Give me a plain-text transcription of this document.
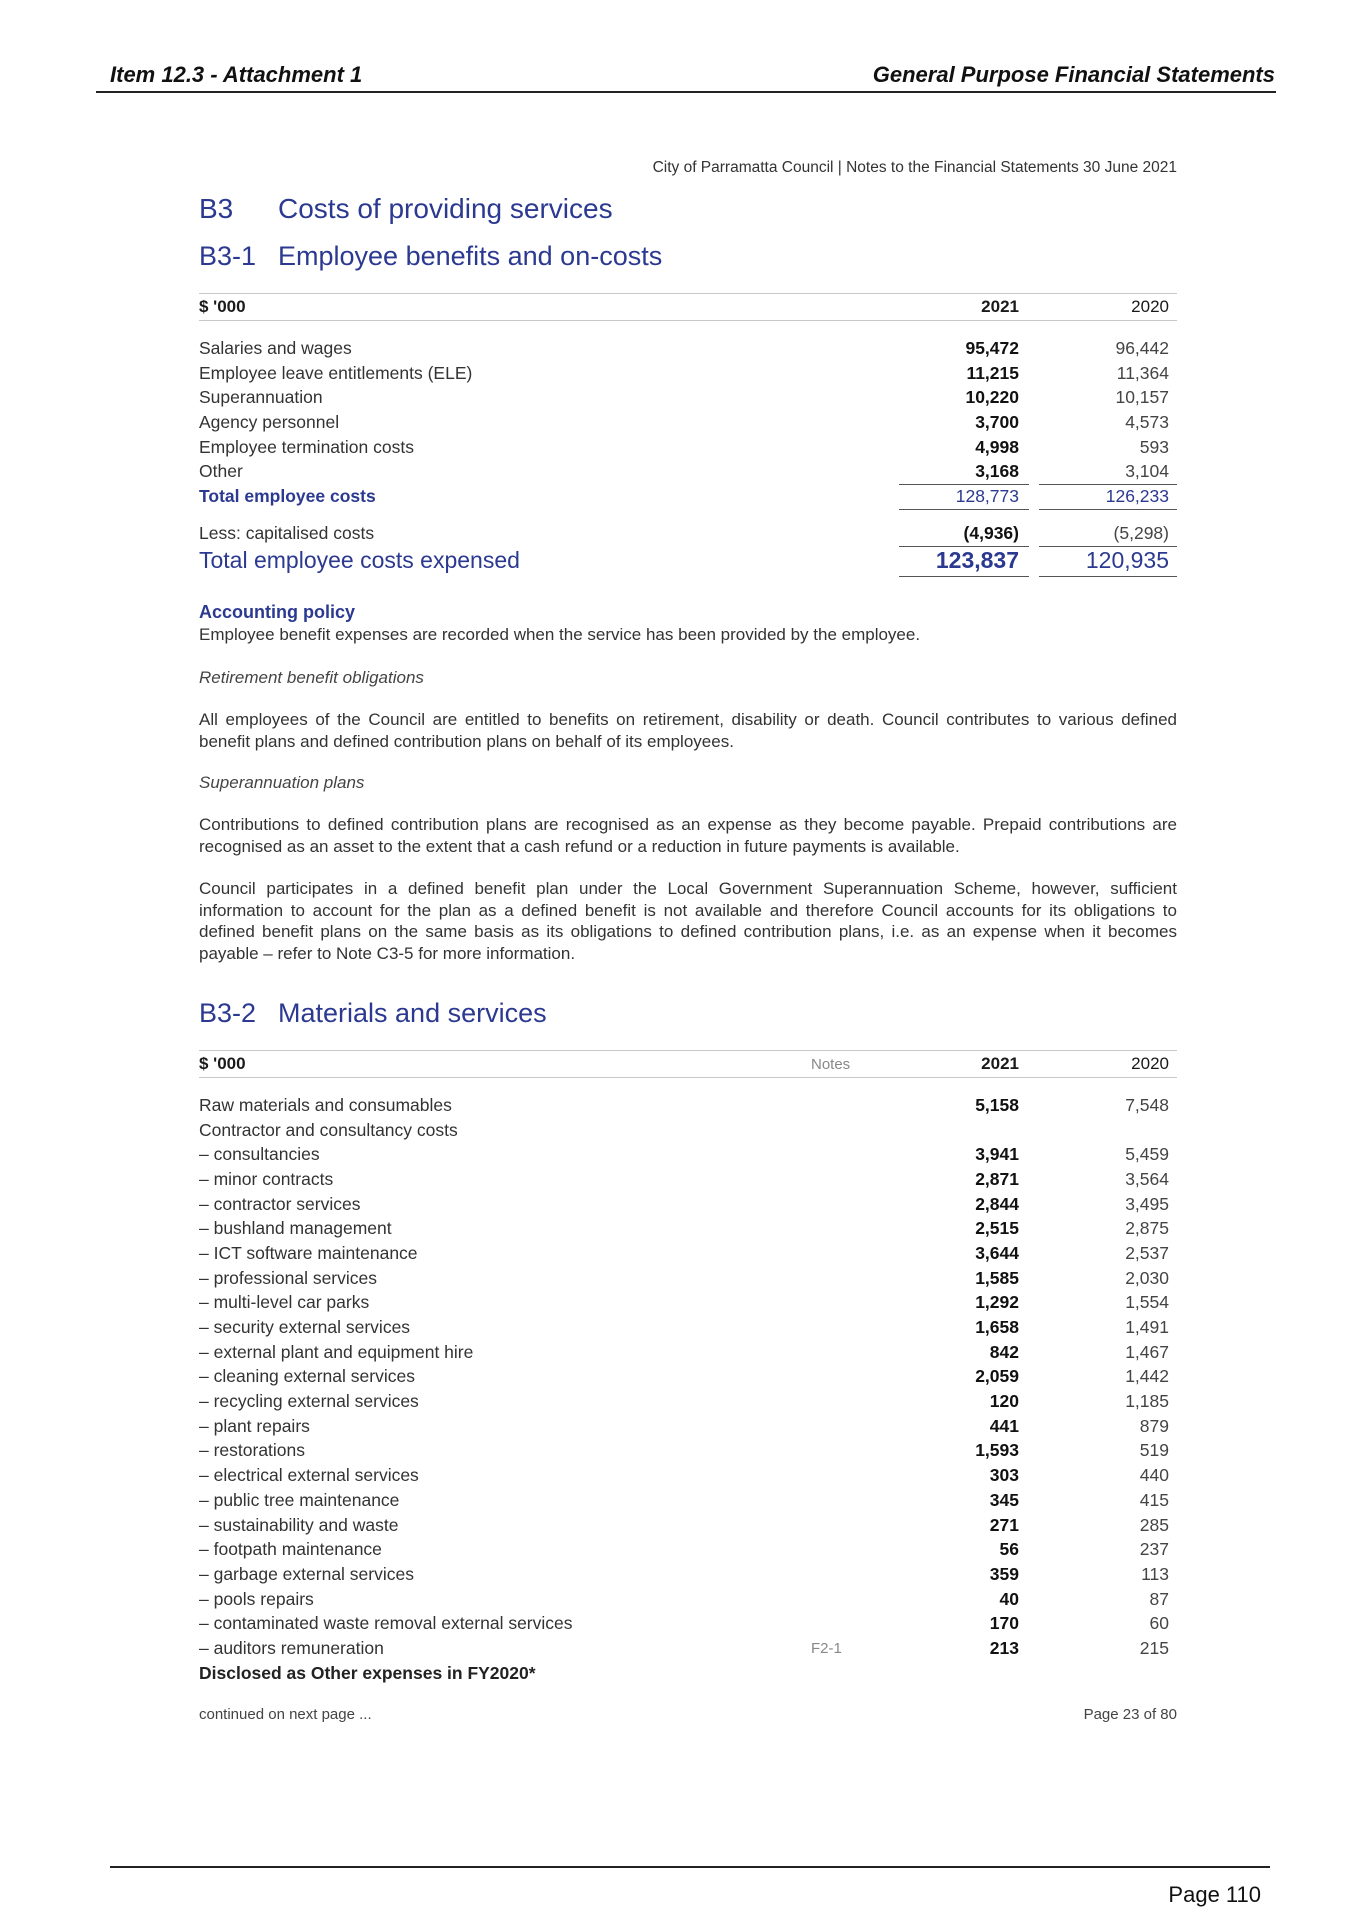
Item 12.3 - Attachment 1	General Purpose Financial Statements
City of Parramatta Council | Notes to the Financial Statements 30 June 2021
B3 Costs of providing services
B3-1 Employee benefits and on-costs
$ '000	2021	2020
Salaries and wages	95,472	96,442
Employee leave entitlements (ELE)	11,215	11,364
Superannuation	10,220	10,157
Agency personnel	3,700	4,573
Employee termination costs	4,998	593
Other	3,168	3,104
Total employee costs	128,773	126,233
Less: capitalised costs	(4,936)	(5,298)
Total employee costs expensed	123,837	120,935
Accounting policy
Employee benefit expenses are recorded when the service has been provided by the employee.
Retirement benefit obligations
All employees of the Council are entitled to benefits on retirement, disability or death. Council contributes to various defined benefit plans and defined contribution plans on behalf of its employees.
Superannuation plans
Contributions to defined contribution plans are recognised as an expense as they become payable. Prepaid contributions are recognised as an asset to the extent that a cash refund or a reduction in future payments is available.
Council participates in a defined benefit plan under the Local Government Superannuation Scheme, however, sufficient information to account for the plan as a defined benefit is not available and therefore Council accounts for its obligations to defined benefit plans on the same basis as its obligations to defined contribution plans, i.e. as an expense when it becomes payable – refer to Note C3-5 for more information.
B3-2 Materials and services
$ '000	Notes	2021	2020
Raw materials and consumables	5,158	7,548
Contractor and consultancy costs
– consultancies	3,941	5,459
– minor contracts	2,871	3,564
– contractor services	2,844	3,495
– bushland management	2,515	2,875
– ICT software maintenance	3,644	2,537
– professional services	1,585	2,030
– multi-level car parks	1,292	1,554
– security external services	1,658	1,491
– external plant and equipment hire	842	1,467
– cleaning external services	2,059	1,442
– recycling external services	120	1,185
– plant repairs	441	879
– restorations	1,593	519
– electrical external services	303	440
– public tree maintenance	345	415
– sustainability and waste	271	285
– footpath maintenance	56	237
– garbage external services	359	113
– pools repairs	40	87
– contaminated waste removal external services	170	60
– auditors remuneration	F2-1	213	215
Disclosed as Other expenses in FY2020*
continued on next page ...	Page 23 of 80
Page 110
